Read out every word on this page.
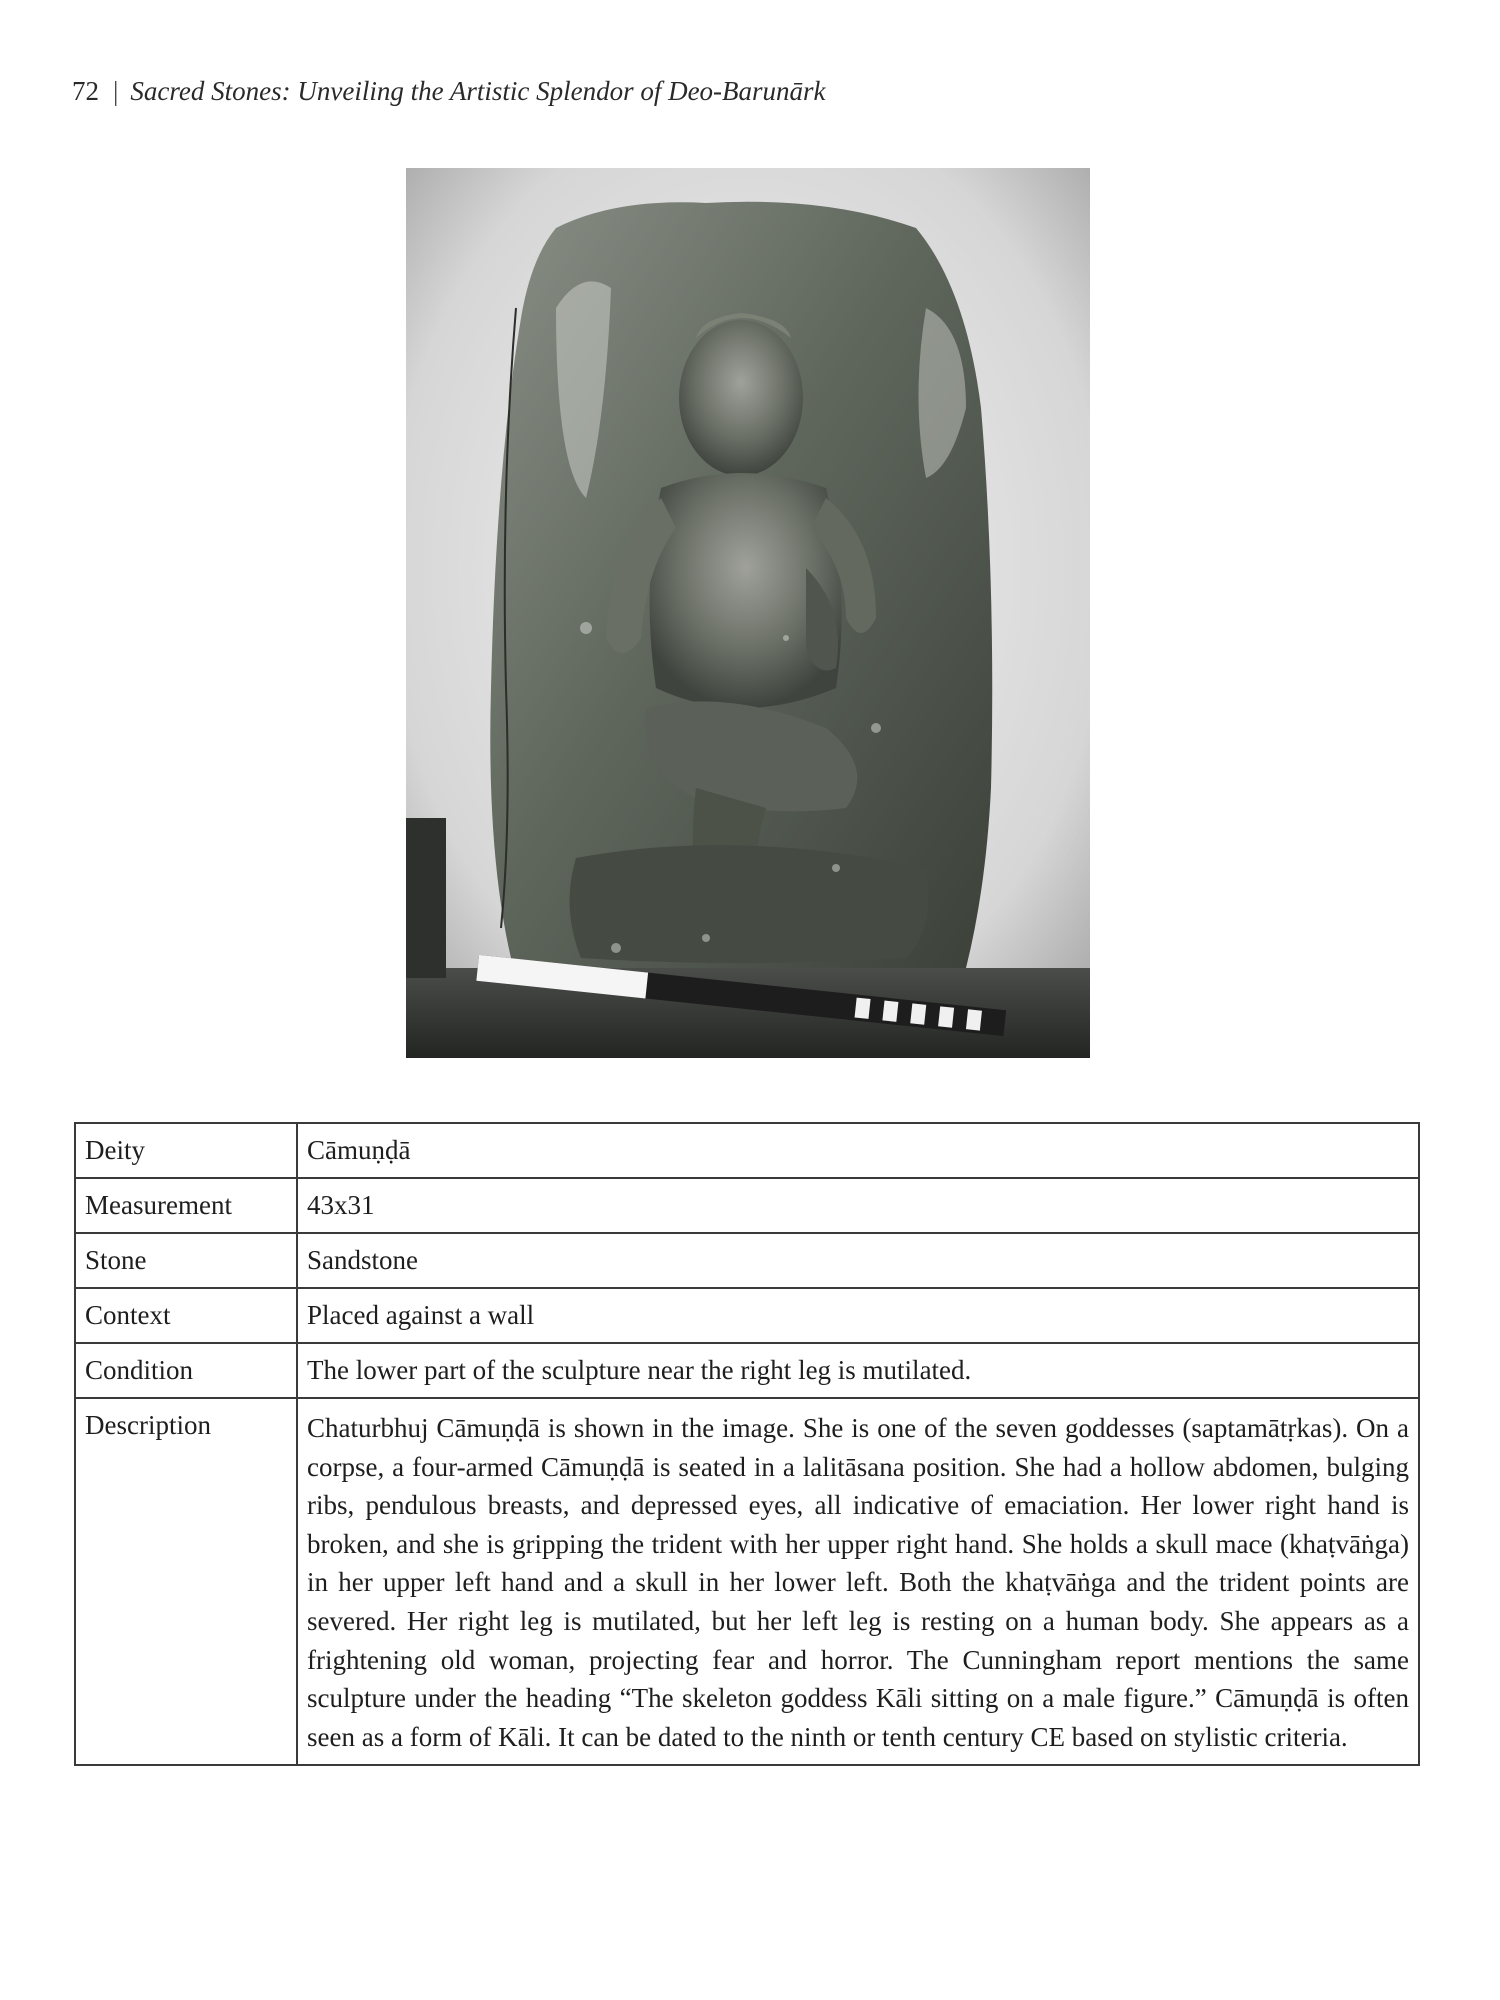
72 | Sacred Stones: Unveiling the Artistic Splendor of Deo-Barunārk
Deity	Cāmuṇḍā
Measurement	43x31
Stone	Sandstone
Context	Placed against a wall
Condition	The lower part of the sculpture near the right leg is mutilated.
Description	Chaturbhuj Cāmuṇḍā is shown in the image. She is one of the seven goddesses (saptamātṛkas). On a corpse, a four-armed Cāmuṇḍā is seated in a lalitāsana position. She had a hollow abdomen, bulging ribs, pendulous breasts, and depressed eyes, all indicative of emaciation. Her lower right hand is broken, and she is gripping the trident with her upper right hand. She holds a skull mace (khaṭvāṅga) in her upper left hand and a skull in her lower left. Both the khaṭvāṅga and the trident points are severed. Her right leg is mutilated, but her left leg is resting on a human body. She appears as a frightening old woman, projecting fear and horror. The Cunningham report mentions the same sculpture under the heading “The skeleton goddess Kāli sitting on a male figure.” Cāmuṇḍā is often seen as a form of Kāli. It can be dated to the ninth or tenth century CE based on stylistic criteria.
